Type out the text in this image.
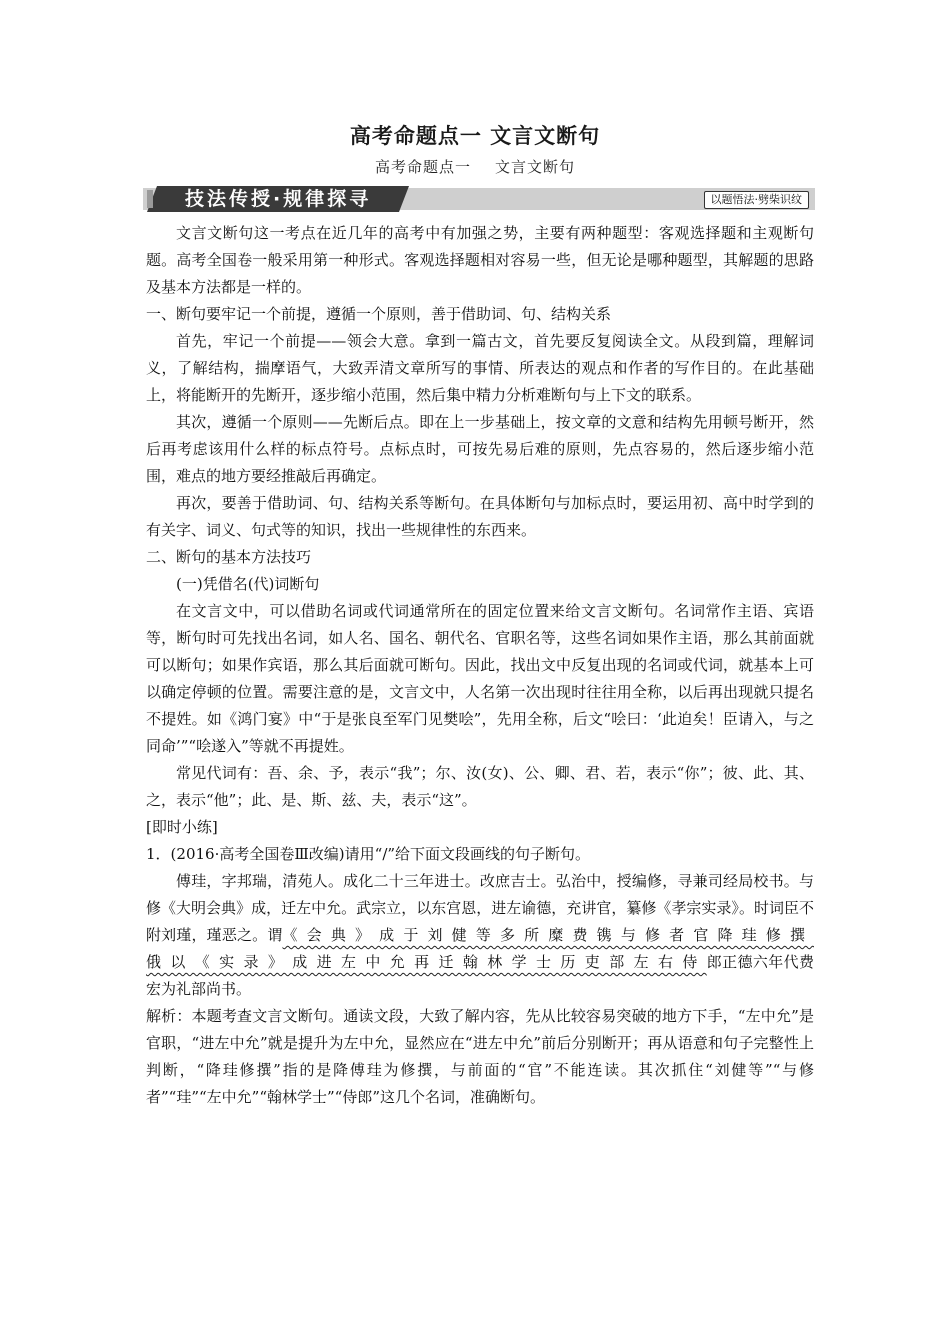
高考命题点一 文言文断句
高考命题点一 文言文断句
技法传授·规律探寻	以题悟法·劈柴识纹

文言文断句这一考点在近几年的高考中有加强之势，主要有两种题型：客观选择题和主观断句题。高考全国卷一般采用第一种形式。客观选择题相对容易一些，但无论是哪种题型，其解题的思路及基本方法都是一样的。

一、断句要牢记一个前提，遵循一个原则，善于借助词、句、结构关系

首先，牢记一个前提——领会大意。拿到一篇古文，首先要反复阅读全文。从段到篇，理解词义，了解结构，揣摩语气，大致弄清文章所写的事情、所表达的观点和作者的写作目的。在此基础上，将能断开的先断开，逐步缩小范围，然后集中精力分析难断句与上下文的联系。

其次，遵循一个原则——先断后点。即在上一步基础上，按文章的文意和结构先用顿号断开，然后再考虑该用什么样的标点符号。点标点时，可按先易后难的原则，先点容易的，然后逐步缩小范围，难点的地方要经推敲后再确定。

再次，要善于借助词、句、结构关系等断句。在具体断句与加标点时，要运用初、高中时学到的有关字、词义、句式等的知识，找出一些规律性的东西来。

二、断句的基本方法技巧

(一)凭借名(代)词断句

在文言文中，可以借助名词或代词通常所在的固定位置来给文言文断句。名词常作主语、宾语等，断句时可先找出名词，如人名、国名、朝代名、官职名等，这些名词如果作主语，那么其前面就可以断句；如果作宾语，那么其后面就可断句。因此，找出文中反复出现的名词或代词，就基本上可以确定停顿的位置。需要注意的是，文言文中，人名第一次出现时往往用全称，以后再出现就只提名不提姓。如《鸿门宴》中“于是张良至军门见樊哙”，先用全称，后文“哙曰：‘此迫矣！臣请入，与之同命’”“哙遂入”等就不再提姓。

常见代词有：吾、余、予，表示“我”；尔、汝(女)、公、卿、君、若，表示“你”；彼、此、其、之，表示“他”；此、是、斯、兹、夫，表示“这”。

[即时小练]

1．(2016·高考全国卷Ⅲ改编)请用“/”给下面文段画线的句子断句。

傅珪，字邦瑞，清苑人。成化二十三年进士。改庶吉士。弘治中，授编修，寻兼司经局校书。与修《大明会典》成，迁左中允。武宗立，以东宫恩，进左谕德，充讲官，纂修《孝宗实录》。时词臣不附刘瑾，瑾恶之。谓《会典》成于刘健等多所糜费镌与修者官降珪修撰俄以《实录》成进左中允再迁翰林学士历吏部左右侍郎正德六年代费宏为礼部尚书。

解析：本题考查文言文断句。通读文段，大致了解内容，先从比较容易突破的地方下手，“左中允”是官职，“进左中允”就是提升为左中允，显然应在“进左中允”前后分别断开；再从语意和句子完整性上判断，“降珪修撰”指的是降傅珪为修撰，与前面的“官”不能连读。其次抓住“刘健等”“与修者”“珪”“左中允”“翰林学士”“侍郎”这几个名词，准确断句。
